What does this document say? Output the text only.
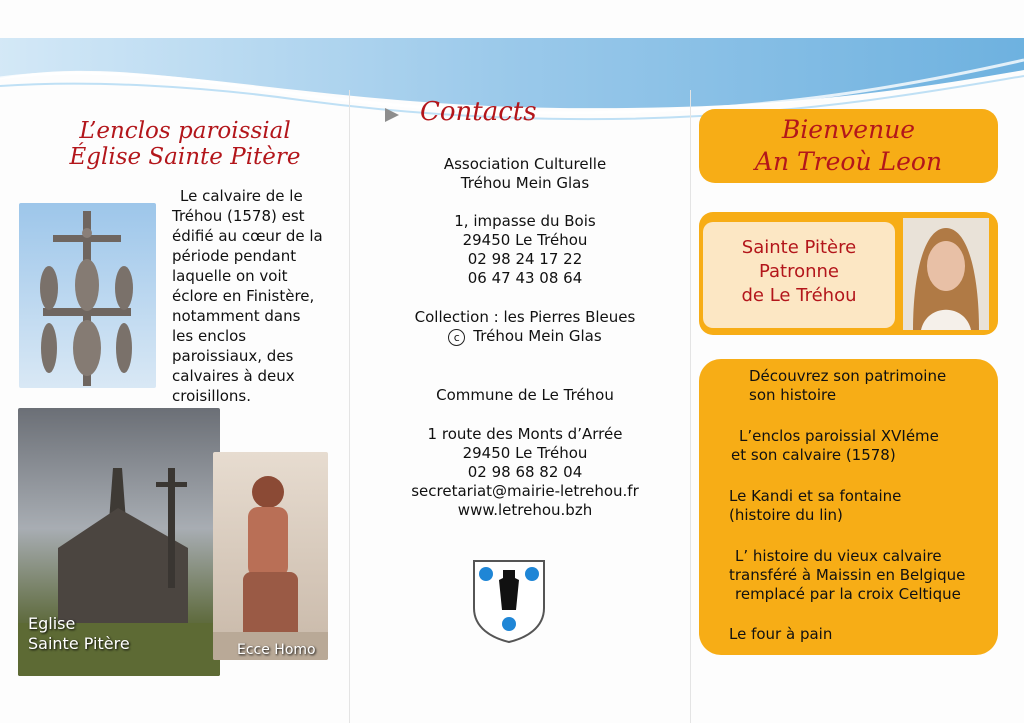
L’enclos paroissial
Église Sainte Pitère
Le calvaire de le
Tréhou (1578) est
édifié au cœur de la
période pendant
laquelle on voit
éclore en Finistère,
notamment dans
les enclos
paroissiaux, des
calvaires à deux
croisillons.
Eglise
Sainte Pitère	Ecce Homo
Contacts
Association Culturelle
Tréhou Mein Glas
1, impasse du Bois
29450 Le Tréhou
02 98 24 17 22
06 47 43 08 64
Collection : les Pierres Bleues
c Tréhou Mein Glas
Commune de Le Tréhou
1 route des Monts d’Arrée
29450 Le Tréhou
02 98 68 82 04
secretariat@mairie-letrehou.fr
www.letrehou.bzh
Bienvenue
An Treoù Leon
Sainte Pitère
Patronne
de Le Tréhou
Découvrez son patrimoine
son histoire
L’enclos paroissial XVIéme
et son calvaire (1578)
Le Kandi et sa fontaine
(histoire du lin)
L’ histoire du vieux calvaire
transféré à Maissin en Belgique
remplacé par la croix Celtique
Le four à pain
